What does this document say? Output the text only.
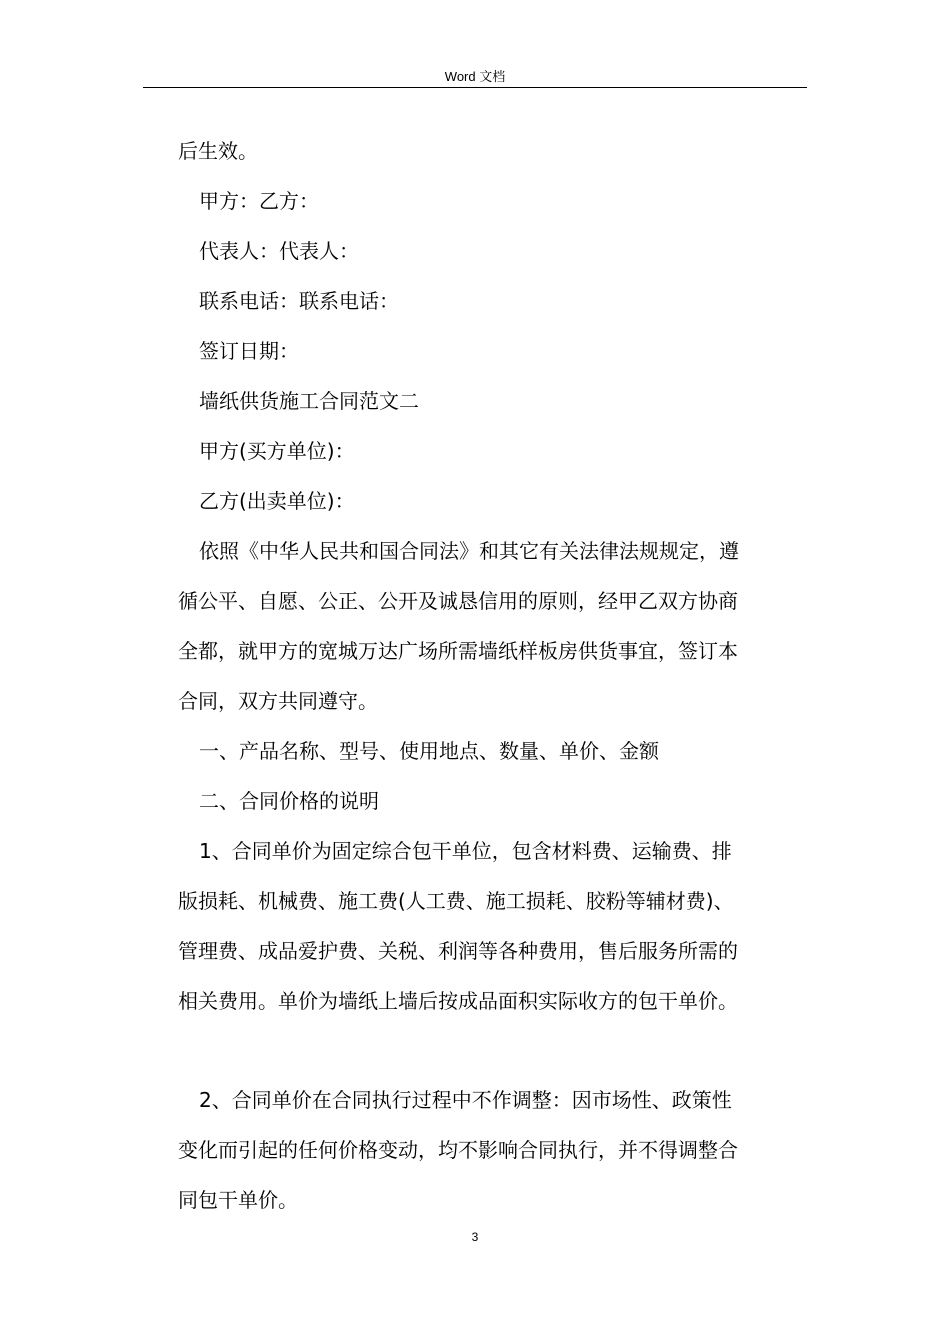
Word 文档
后生效。
甲方：乙方：
代表人：代表人：
联系电话：联系电话：
签订日期：
墙纸供货施工合同范文二
甲方(买方单位)：
乙方(出卖单位)：
依照《中华人民共和国合同法》和其它有关法律法规规定，遵
循公平、自愿、公正、公开及诚恳信用的原则，经甲乙双方协商
全都，就甲方的宽城万达广场所需墙纸样板房供货事宜，签订本
合同，双方共同遵守。
一、产品名称、型号、使用地点、数量、单价、金额
二、合同价格的说明
1、合同单价为固定综合包干单位，包含材料费、运输费、排
版损耗、机械费、施工费(人工费、施工损耗、胶粉等辅材费)、
管理费、成品爱护费、关税、利润等各种费用，售后服务所需的
相关费用。单价为墙纸上墙后按成品面积实际收方的包干单价。
2、合同单价在合同执行过程中不作调整：因市场性、政策性
变化而引起的任何价格变动，均不影响合同执行，并不得调整合
同包干单价。
3
